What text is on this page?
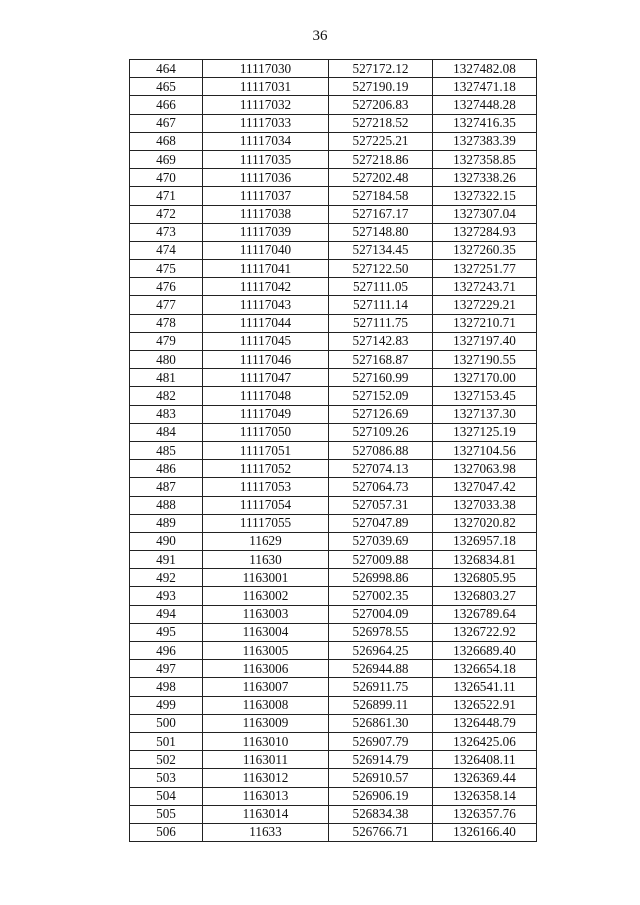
36
464	11117030	527172.12	1327482.08
465	11117031	527190.19	1327471.18
466	11117032	527206.83	1327448.28
467	11117033	527218.52	1327416.35
468	11117034	527225.21	1327383.39
469	11117035	527218.86	1327358.85
470	11117036	527202.48	1327338.26
471	11117037	527184.58	1327322.15
472	11117038	527167.17	1327307.04
473	11117039	527148.80	1327284.93
474	11117040	527134.45	1327260.35
475	11117041	527122.50	1327251.77
476	11117042	527111.05	1327243.71
477	11117043	527111.14	1327229.21
478	11117044	527111.75	1327210.71
479	11117045	527142.83	1327197.40
480	11117046	527168.87	1327190.55
481	11117047	527160.99	1327170.00
482	11117048	527152.09	1327153.45
483	11117049	527126.69	1327137.30
484	11117050	527109.26	1327125.19
485	11117051	527086.88	1327104.56
486	11117052	527074.13	1327063.98
487	11117053	527064.73	1327047.42
488	11117054	527057.31	1327033.38
489	11117055	527047.89	1327020.82
490	11629	527039.69	1326957.18
491	11630	527009.88	1326834.81
492	1163001	526998.86	1326805.95
493	1163002	527002.35	1326803.27
494	1163003	527004.09	1326789.64
495	1163004	526978.55	1326722.92
496	1163005	526964.25	1326689.40
497	1163006	526944.88	1326654.18
498	1163007	526911.75	1326541.11
499	1163008	526899.11	1326522.91
500	1163009	526861.30	1326448.79
501	1163010	526907.79	1326425.06
502	1163011	526914.79	1326408.11
503	1163012	526910.57	1326369.44
504	1163013	526906.19	1326358.14
505	1163014	526834.38	1326357.76
506	11633	526766.71	1326166.40
